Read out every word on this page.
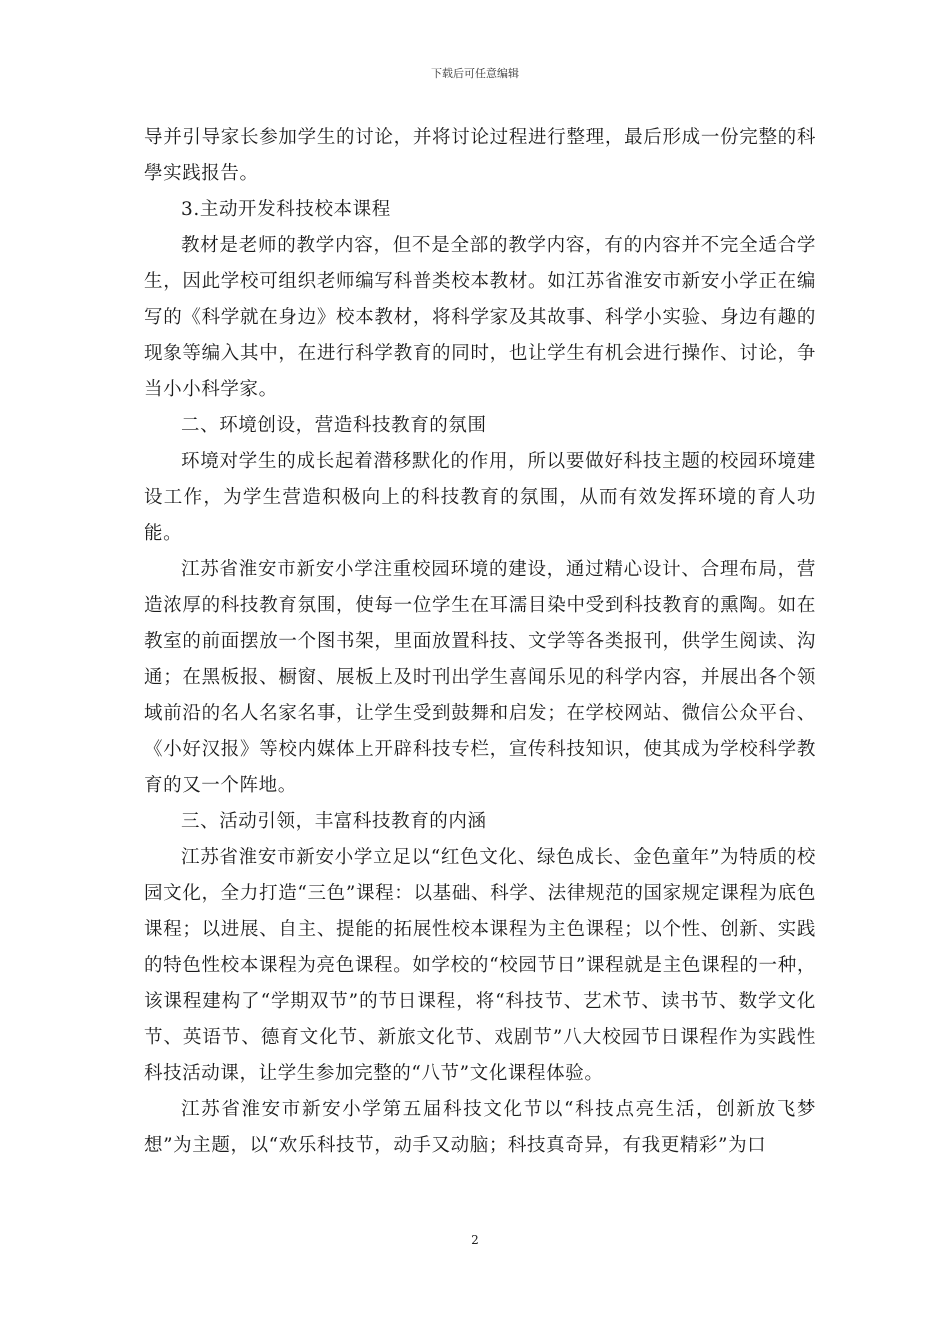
下载后可任意编辑

导并引导家长参加学生的讨论，并将讨论过程进行整理，最后形成一份完整的科學实践报告。

3.主动开发科技校本课程

教材是老师的教学内容，但不是全部的教学内容，有的内容并不完全适合学生，因此学校可组织老师编写科普类校本教材。如江苏省淮安市新安小学正在编写的《科学就在身边》校本教材，将科学家及其故事、科学小实验、身边有趣的现象等编入其中，在进行科学教育的同时，也让学生有机会进行操作、讨论，争当小小科学家。

二、环境创设，营造科技教育的氛围

环境对学生的成长起着潜移默化的作用，所以要做好科技主题的校园环境建设工作，为学生营造积极向上的科技教育的氛围，从而有效发挥环境的育人功能。

江苏省淮安市新安小学注重校园环境的建设，通过精心设计、合理布局，营造浓厚的科技教育氛围，使每一位学生在耳濡目染中受到科技教育的熏陶。如在教室的前面摆放一个图书架，里面放置科技、文学等各类报刊，供学生阅读、沟通；在黑板报、橱窗、展板上及时刊出学生喜闻乐见的科学内容，并展出各个领域前沿的名人名家名事，让学生受到鼓舞和启发；在学校网站、微信公众平台、《小好汉报》等校内媒体上开辟科技专栏，宣传科技知识，使其成为学校科学教育的又一个阵地。

三、活动引领，丰富科技教育的内涵

江苏省淮安市新安小学立足以“红色文化、绿色成长、金色童年”为特质的校园文化，全力打造“三色”课程：以基础、科学、法律规范的国家规定课程为底色课程；以进展、自主、提能的拓展性校本课程为主色课程；以个性、创新、实践的特色性校本课程为亮色课程。如学校的“校园节日”课程就是主色课程的一种，该课程建构了“学期双节”的节日课程，将“科技节、艺术节、读书节、数学文化节、英语节、德育文化节、新旅文化节、戏剧节”八大校园节日课程作为实践性科技活动课，让学生参加完整的“八节”文化课程体验。

江苏省淮安市新安小学第五届科技文化节以“科技点亮生活，创新放飞梦想”为主题，以“欢乐科技节，动手又动脑；科技真奇异，有我更精彩”为口

2
